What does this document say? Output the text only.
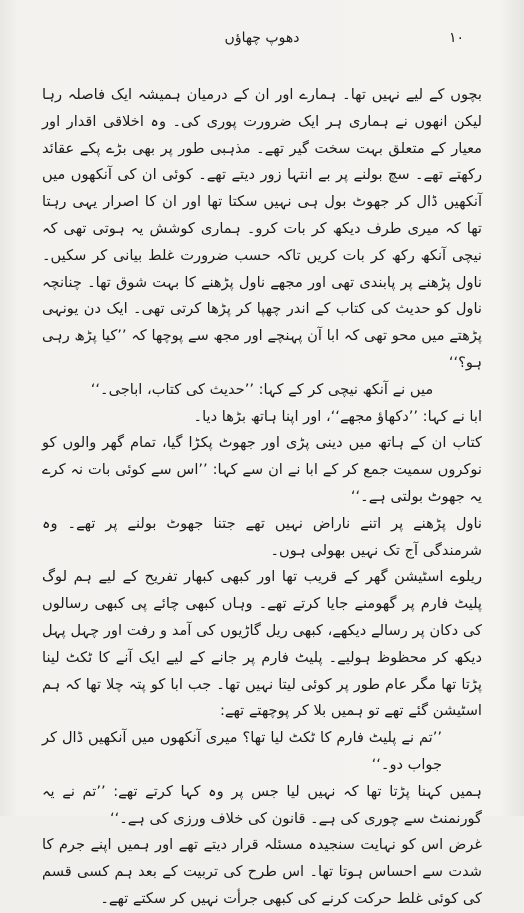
دھوپ چھاؤں	۱۰

بچوں کے لیے نہیں تھا۔ ہمارے اور ان کے درمیان ہمیشہ ایک فاصلہ رہا لیکن انھوں نے ہماری ہر ایک ضرورت پوری کی۔ وہ اخلاقی اقدار اور معیار کے متعلق بہت سخت گیر تھے۔ مذہبی طور پر بھی بڑے پکے عقائد رکھتے تھے۔ سچ بولنے پر بے انتہا زور دیتے تھے۔ کوئی ان کی آنکھوں میں آنکھیں ڈال کر جھوٹ بول ہی نہیں سکتا تھا اور ان کا اصرار یہی رہتا تھا کہ میری طرف دیکھ کر بات کرو۔ ہماری کوشش یہ ہوتی تھی کہ نیچی آنکھ رکھ کر بات کریں تاکہ حسب ضرورت غلط بیانی کر سکیں۔ ناول پڑھنے پر پابندی تھی اور مجھے ناول پڑھنے کا بہت شوق تھا۔ چنانچہ ناول کو حدیث کی کتاب کے اندر چھپا کر پڑھا کرتی تھی۔ ایک دن یونہی پڑھتے میں محو تھی کہ ابا آن پہنچے اور مجھ سے پوچھا کہ ’’کیا پڑھ رہی ہو؟‘‘

میں نے آنکھ نیچی کر کے کہا: ’’حدیث کی کتاب، اباجی۔‘‘

ابا نے کہا: ’’دکھاؤ مجھے‘‘، اور اپنا ہاتھ بڑھا دیا۔

کتاب ان کے ہاتھ میں دینی پڑی اور جھوٹ پکڑا گیا، تمام گھر والوں کو نوکروں سمیت جمع کر کے ابا نے ان سے کہا: ’’اس سے کوئی بات نہ کرے یہ جھوٹ بولتی ہے۔‘‘

ناول پڑھنے پر اتنے ناراض نہیں تھے جتنا جھوٹ بولنے پر تھے۔ وہ شرمندگی آج تک نہیں بھولی ہوں۔

ریلوے اسٹیشن گھر کے قریب تھا اور کبھی کبھار تفریح کے لیے ہم لوگ پلیٹ فارم پر گھومنے جایا کرتے تھے۔ وہاں کبھی چائے پی کبھی رسالوں کی دکان پر رسالے دیکھے، کبھی ریل گاڑیوں کی آمد و رفت اور چہل پہل دیکھ کر محظوظ ہولیے۔ پلیٹ فارم پر جانے کے لیے ایک آنے کا ٹکٹ لینا پڑتا تھا مگر عام طور پر کوئی لیتا نہیں تھا۔ جب ابا کو پتہ چلا تھا کہ ہم اسٹیشن گئے تھے تو ہمیں بلا کر پوچھتے تھے:

’’تم نے پلیٹ فارم کا ٹکٹ لیا تھا؟ میری آنکھوں میں آنکھیں ڈال کر جواب دو۔‘‘

ہمیں کہنا پڑتا تھا کہ نہیں لیا جس پر وہ کہا کرتے تھے: ’’تم نے یہ گورنمنٹ سے چوری کی ہے۔ قانون کی خلاف ورزی کی ہے۔‘‘

غرض اس کو نہایت سنجیدہ مسئلہ قرار دیتے تھے اور ہمیں اپنے جرم کا شدت سے احساس ہوتا تھا۔ اس طرح کی تربیت کے بعد ہم کسی قسم کی کوئی غلط حرکت کرنے کی کبھی جرأت نہیں کر سکتے تھے۔
